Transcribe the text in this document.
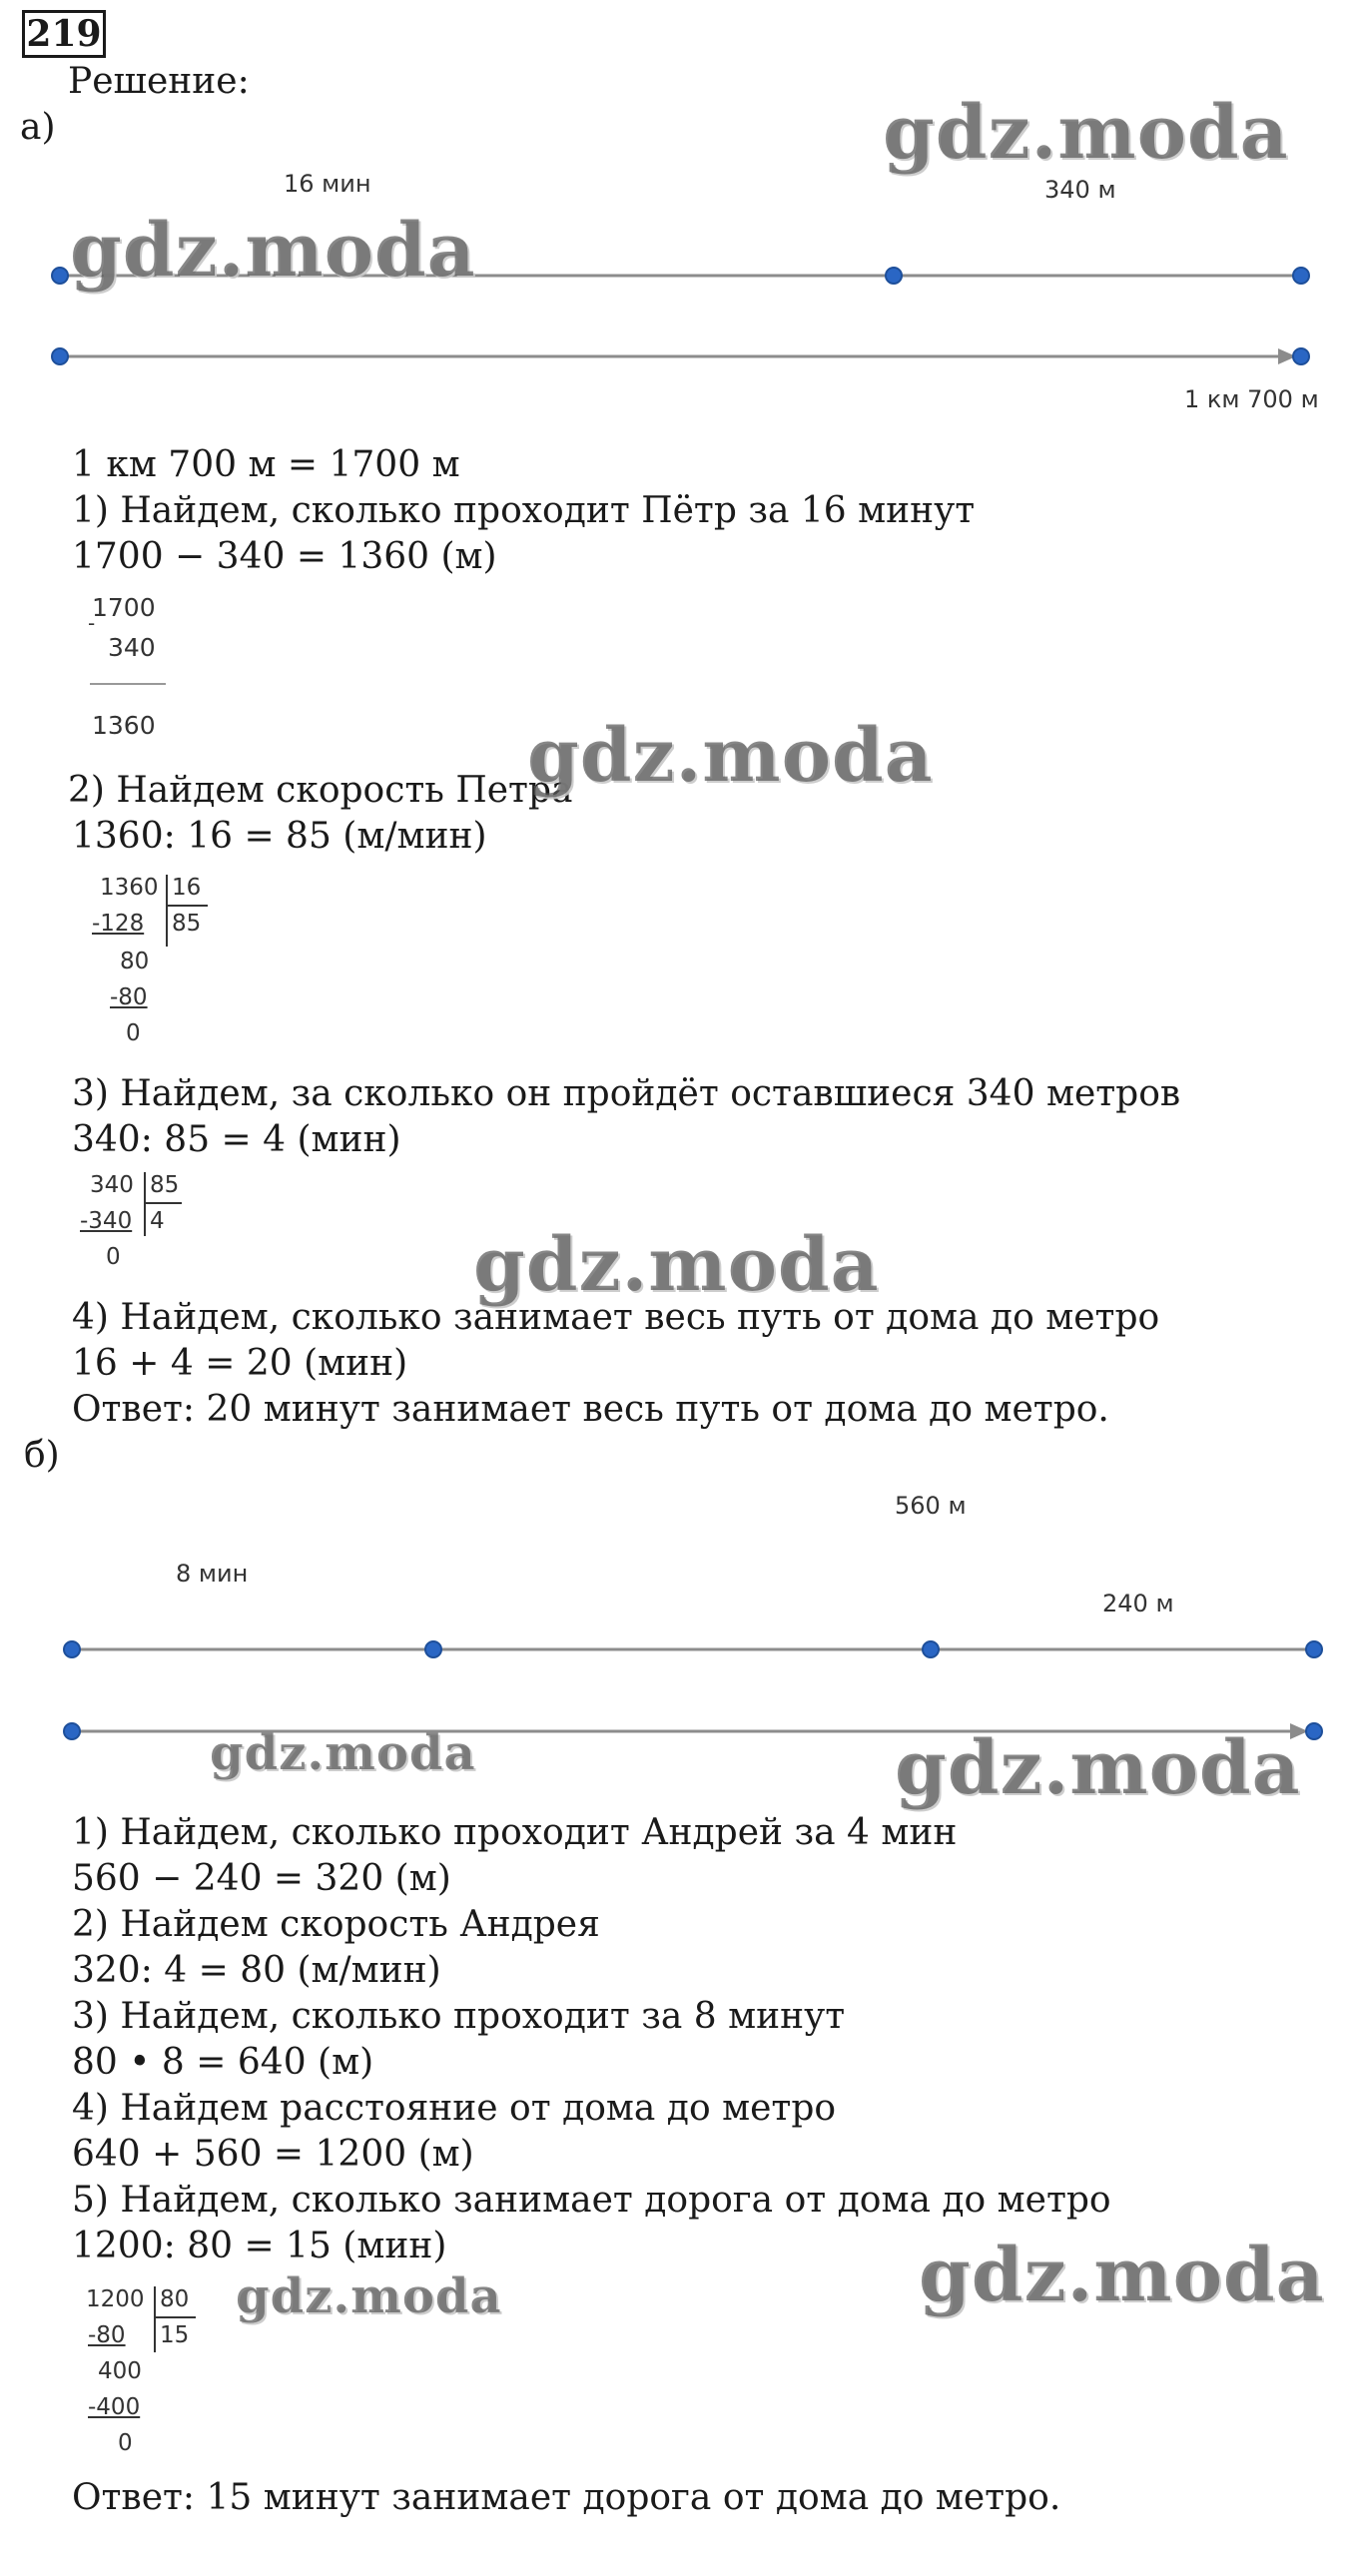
219
Решение:
а)
16 мин	340 м
1 км 700 м
1 км 700 м = 1700 м
1) Найдем, сколько проходит Пётр за 16 минут
1700 − 340 = 1360 (м)
1700
-
340
1360
2) Найдем скорость Петра
1360: 16 = 85 (м/мин)
1360 16
85
-128
80
-80
0
3) Найдем, за сколько он пройдёт оставшиеся 340 метров
340: 85 = 4 (мин)
340 85
4
-340
0
4) Найдем, сколько занимает весь путь от дома до метро
16 + 4 = 20 (мин)
Ответ: 20 минут занимает весь путь от дома до метро.
б)
560 м
8 мин
240 м
1) Найдем, сколько проходит Андрей за 4 мин
560 − 240 = 320 (м)
2) Найдем скорость Андрея
320: 4 = 80 (м/мин)
3) Найдем, сколько проходит за 8 минут
80 • 8 = 640 (м)
4) Найдем расстояние от дома до метро
640 + 560 = 1200 (м)
5) Найдем, сколько занимает дорога от дома до метро
1200: 80 = 15 (мин)
1200 80
15
-80
400
-400
0
Ответ: 15 минут занимает дорога от дома до метро.
gdz.moda
gdz.moda
gdz.moda
gdz.moda
gdz.moda	gdz.moda
gdz.moda
gdz.moda
